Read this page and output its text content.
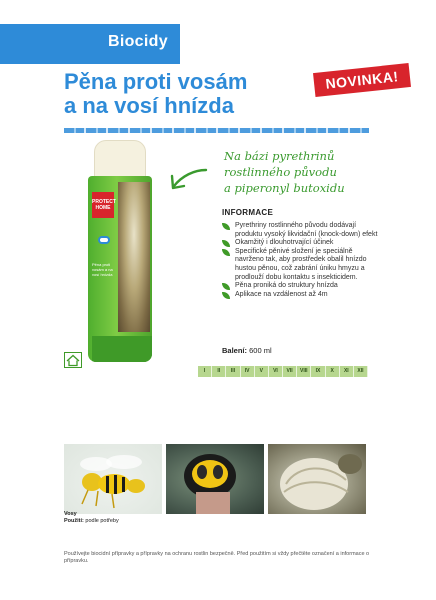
Biocidy
Pěna proti vosám
a na vosí hnízda
NOVINKA!
PROTECT
HOME
Pěna proti vosám a na vosí hnízda
Na bázi pyrethrinů
rostlinného původu
a piperonyl butoxidu
INFORMACE
Pyrethriny rostlinného původu dodávají produktu vysoký likvidační (knock-down) efekt
Okamžitý i dlouhotrvající účinek
Specifické pěnivé složení je speciálně navrženo tak, aby prostředek obalil hnízdo hustou pěnou, což zabrání úniku hmyzu a prodlouží dobu kontaktu s insekticidem.
Pěna proniká do struktury hnízda
Aplikace na vzdálenost až 4m
Balení: 600 ml
I	II	III	IV	V	VI	VII	VIII	IX	X	XI	XII
Vosy
Použití: podle potřeby
Používejte biocidní přípravky a přípravky na ochranu rostlin bezpečně. Před použitím si vždy přečtěte označení a informace o přípravku.
